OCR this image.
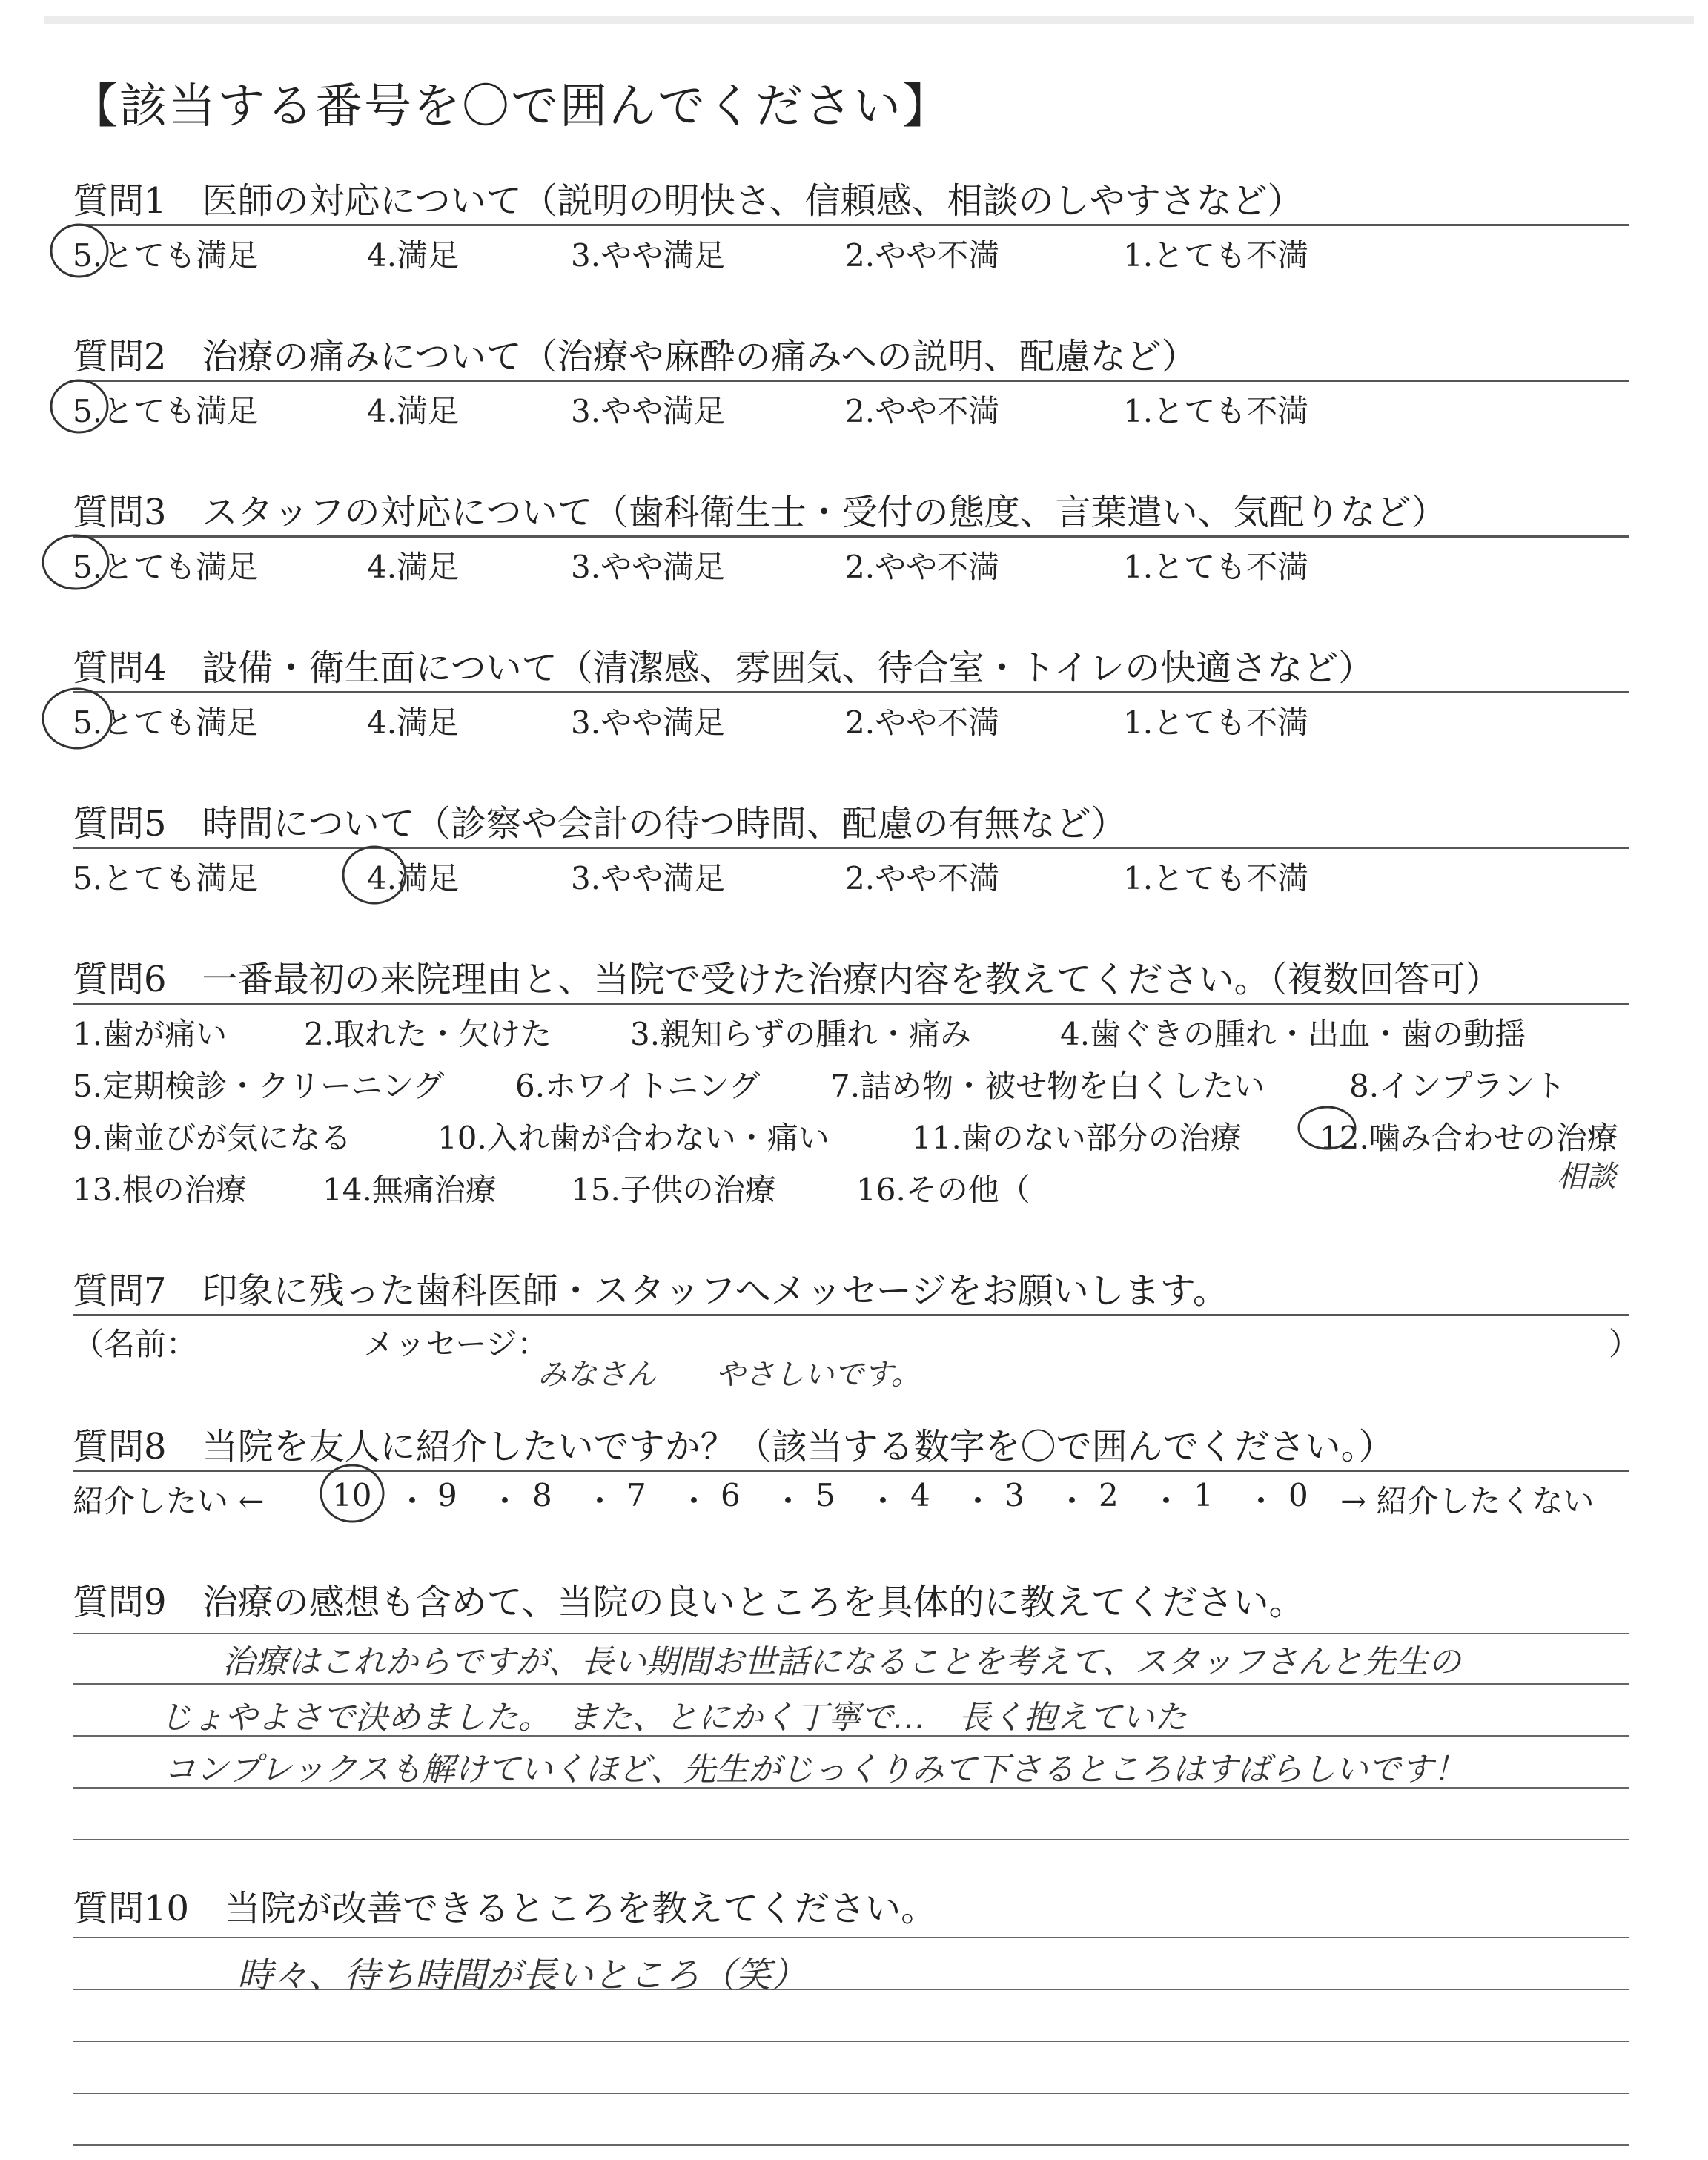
【該当する番号を〇で囲んでください】
質問1　 医師の対応について（説明の明快さ、信頼感、相談のしやすさなど）
5.とても満足	4.満足	3.やや満足	2.やや不満	1.とても不満
質問2　 治療の痛みについて（治療や麻酔の痛みへの説明、配慮など）
5.とても満足	4.満足	3.やや満足	2.やや不満	1.とても不満
質問3　 スタッフの対応について（歯科衛生士・受付の態度、言葉遣い、気配りなど）
5.とても満足	4.満足	3.やや満足	2.やや不満	1.とても不満
質問4　 設備・衛生面について（清潔感、雰囲気、待合室・トイレの快適さなど）
5.とても満足	4.満足	3.やや満足	2.やや不満	1.とても不満
質問5　 時間について（診察や会計の待つ時間、配慮の有無など）
5.とても満足	4.満足	3.やや満足	2.やや不満	1.とても不満
質問6　 一番最初の来院理由と、当院で受けた治療内容を教えてください。（複数回答可）
1.歯が痛い 2.取れた・欠けた	3.親知らずの腫れ・痛み	4.歯ぐきの腫れ・出血・歯の動揺
5.定期検診・クリーニング 6.ホワイトニング 7.詰め物・被せ物を白くしたい	8.インプラント
9.歯並びが気になる	10.入れ歯が合わない・痛い	11.歯のない部分の治療	12.噛み合わせの治療
13.根の治療 14.無痛治療 15.子供の治療	16.その他（	相談
質問7　 印象に残った歯科医師・スタッフへメッセージをお願いします。
（名前：	メッセージ：	）
みなさん　　やさしいです。
質問8　 当院を友人に紹介したいですか？（該当する数字を〇で囲んでください。）
紹介したい ← 10 ・ 9 ・ 8 ・ 7 ・ 6 ・ 5 ・ 4 ・ 3 ・ 2 ・ 1 ・ 0 → 紹介したくない
質問9　 治療の感想も含めて、当院の良いところを具体的に教えてください。
治療はこれからですが、長い期間お世話になることを考えて、スタッフさんと先生の
じょやよさで決めました。　また、とにかく丁寧で…　長く抱えていた
コンプレックスも解けていくほど、先生がじっくりみて下さるところはすばらしいです！
質問10　 当院が改善できるところを教えてください。
時々、待ち時間が長いところ（笑）
